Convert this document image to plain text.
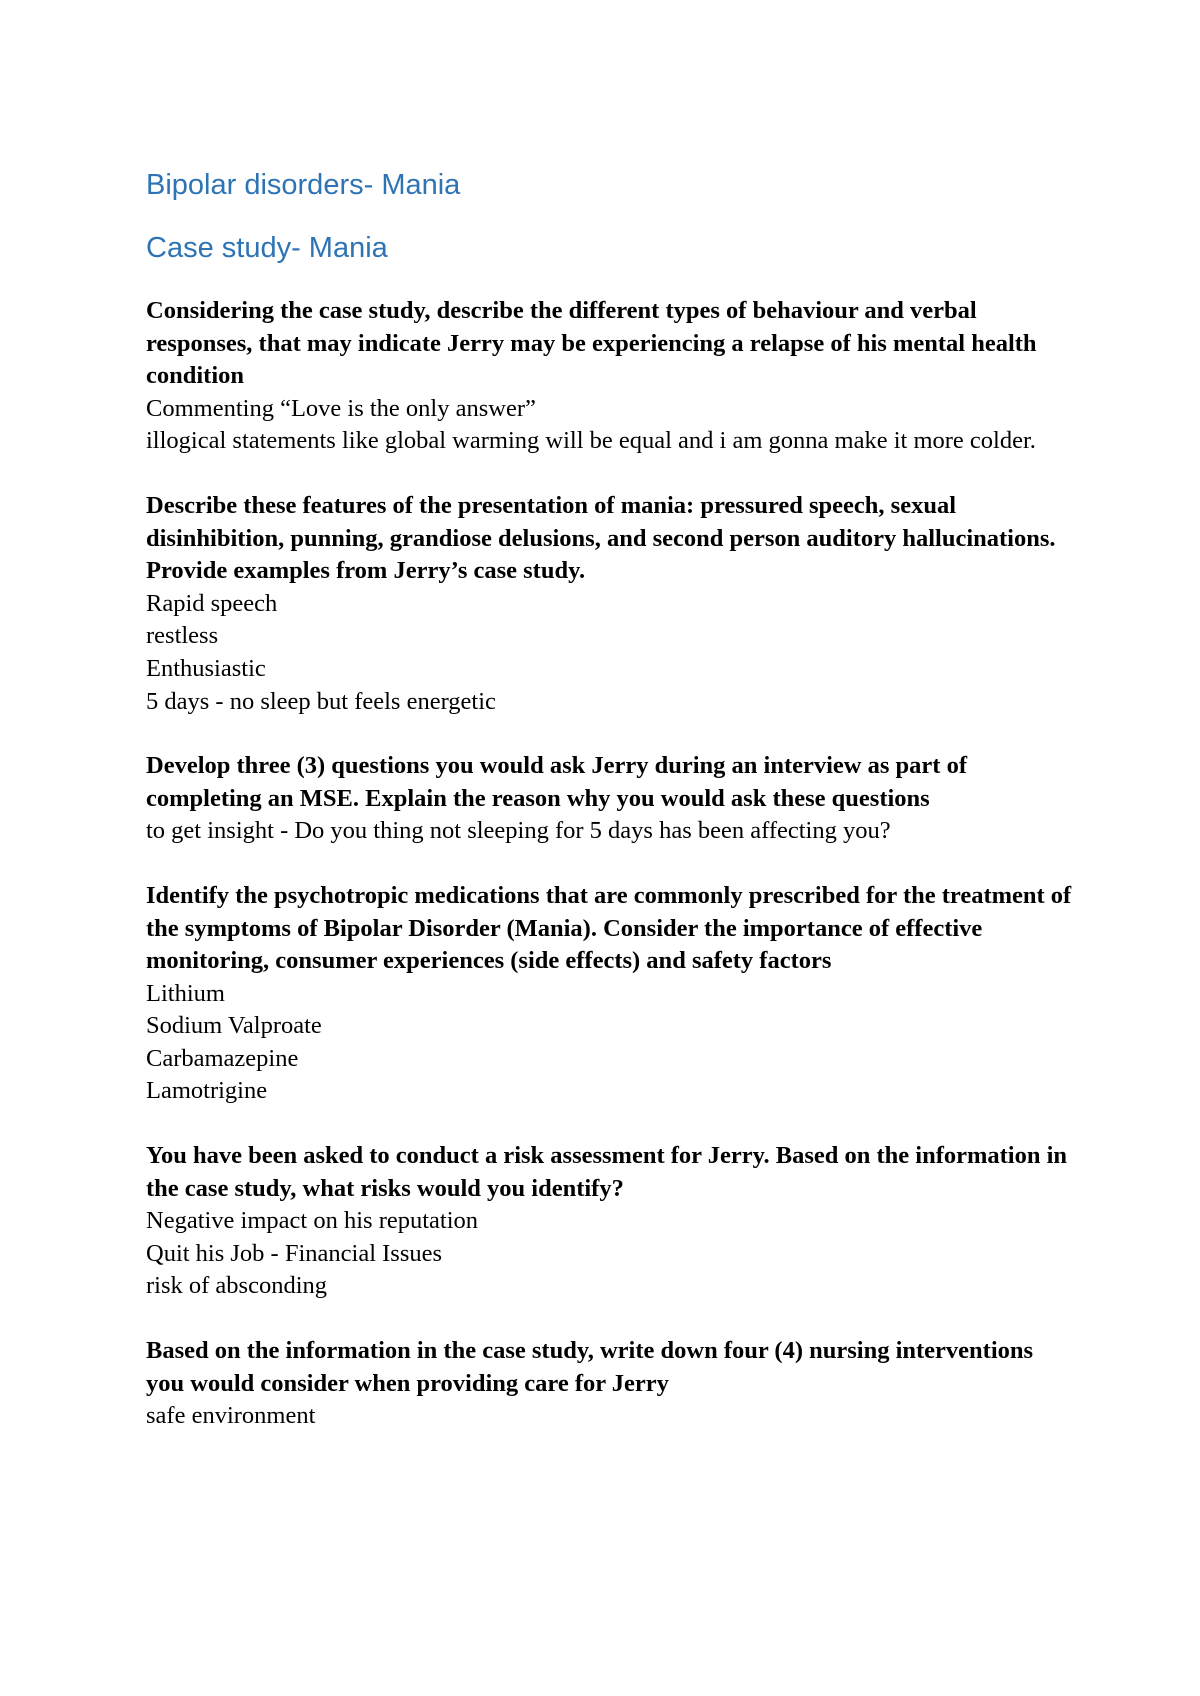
Bipolar disorders- Mania
Case study- Mania

Considering the case study, describe the different types of behaviour and verbal responses, that may indicate Jerry may be experiencing a relapse of his mental health condition

Commenting “Love is the only answer”

illogical statements like global warming will be equal and i am gonna make it more colder.

Describe these features of the presentation of mania: pressured speech, sexual disinhibition, punning, grandiose delusions, and second person auditory hallucinations. Provide examples from Jerry’s case study.

Rapid speech

restless

Enthusiastic

5 days - no sleep but feels energetic

Develop three (3) questions you would ask Jerry during an interview as part of completing an MSE. Explain the reason why you would ask these questions

to get insight - Do you thing not sleeping for 5 days has been affecting you?

Identify the psychotropic medications that are commonly prescribed for the treatment of the symptoms of Bipolar Disorder (Mania). Consider the importance of effective monitoring, consumer experiences (side effects) and safety factors

Lithium

Sodium Valproate

Carbamazepine

Lamotrigine

You have been asked to conduct a risk assessment for Jerry. Based on the information in the case study, what risks would you identify?

Negative impact on his reputation

Quit his Job - Financial Issues

risk of absconding

Based on the information in the case study, write down four (4) nursing interventions you would consider when providing care for Jerry

safe environment
